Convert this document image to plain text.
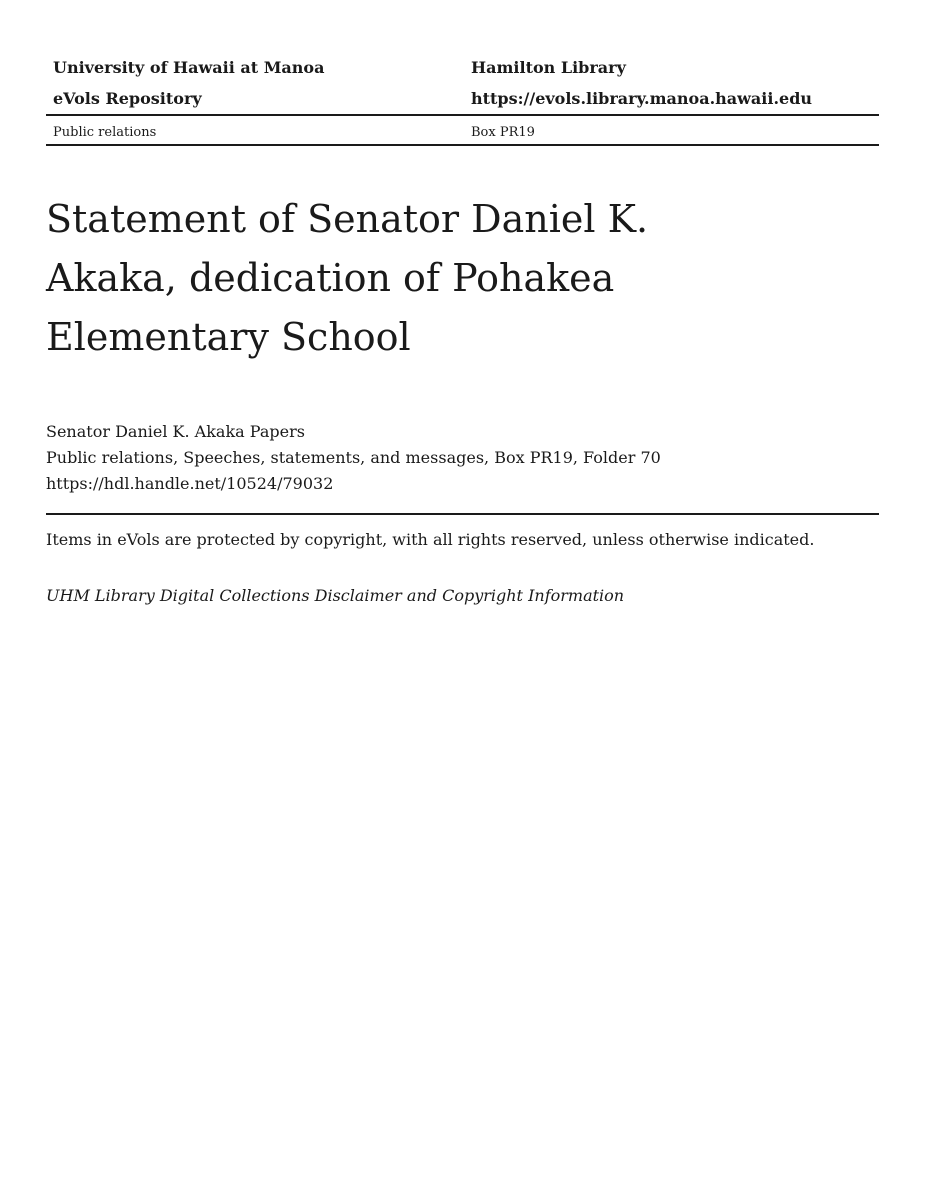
University of Hawaii at Manoa	Hamilton Library
eVols Repository	https://evols.library.manoa.hawaii.edu
Public relations	Box PR19
Statement of Senator Daniel K. Akaka, dedication of Pohakea Elementary School
Senator Daniel K. Akaka Papers
Public relations, Speeches, statements, and messages, Box PR19, Folder 70
https://hdl.handle.net/10524/79032
Items in eVols are protected by copyright, with all rights reserved, unless otherwise indicated.
UHM Library Digital Collections Disclaimer and Copyright Information
